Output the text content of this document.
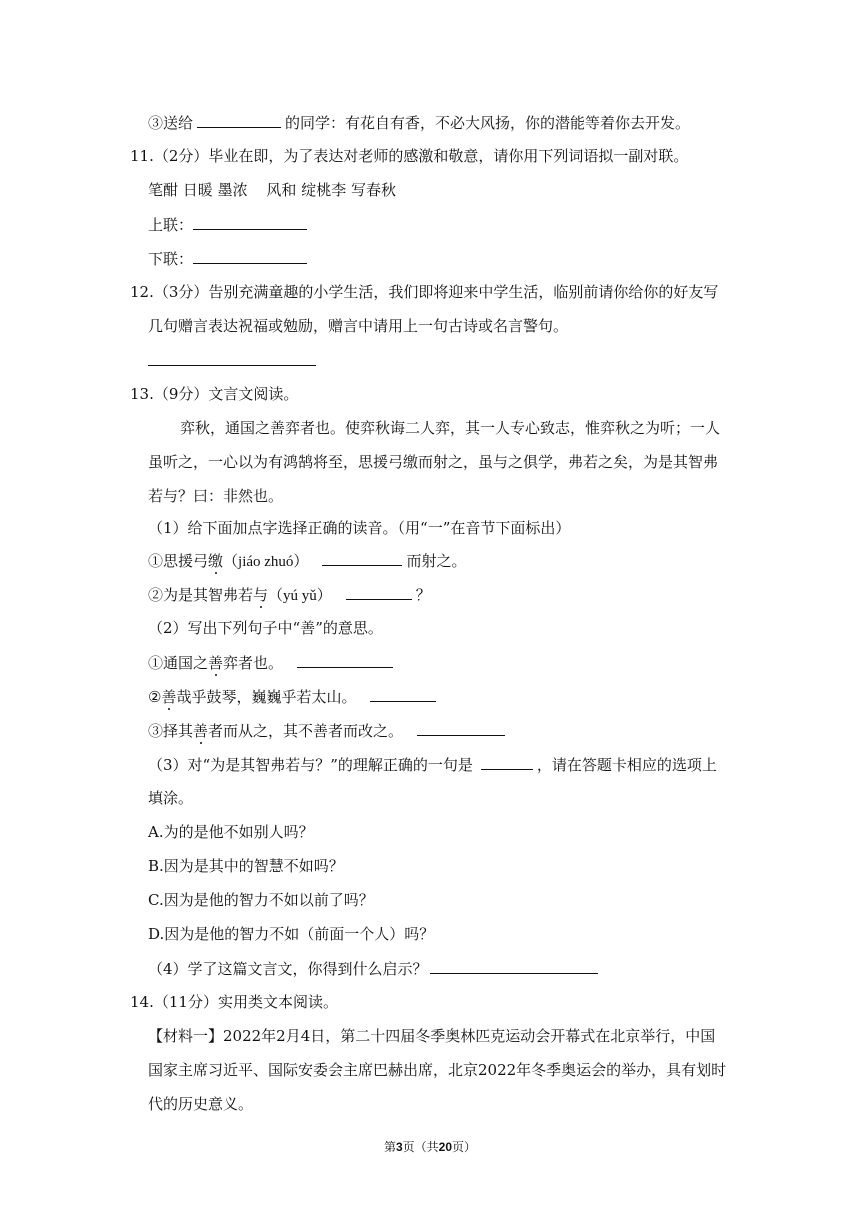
③送给	的同学：有花自有香，不必大风扬，你的潜能等着你去开发。
11.（2分）毕业在即，为了表达对老师的感激和敬意，请你用下列词语拟一副对联。
笔酣 日暖 墨浓 风和 绽桃李 写春秋
上联：
下联：
12.（3分）告别充满童趣的小学生活，我们即将迎来中学生活，临别前请你给你的好友写
几句赠言表达祝福或勉励，赠言中请用上一句古诗或名言警句。
13.（9分）文言文阅读。
弈秋，通国之善弈者也。使弈秋诲二人弈，其一人专心致志，惟弈秋之为听；一人
虽听之，一心以为有鸿鹄将至，思援弓缴而射之，虽与之俱学，弗若之矣，为是其智弗
若与？曰：非然也。
（1）给下面加点字选择正确的读音。（用“一”在音节下面标出）
①思援弓缴（jiáo zhuó）	而射之。
②为是其智弗若与（yú yǔ）	？
（2）写出下列句子中“善”的意思。
①通国之善弈者也。
②善哉乎鼓琴，巍巍乎若太山。
③择其善者而从之，其不善者而改之。
（3）对“为是其智弗若与？”的理解正确的一句是	，请在答题卡相应的选项上
填涂。
A.为的是他不如别人吗？
B.因为是其中的智慧不如吗？
C.因为是他的智力不如以前了吗？
D.因为是他的智力不如（前面一个人）吗？
（4）学了这篇文言文，你得到什么启示？
14.（11分）实用类文本阅读。
【材料一】2022年2月4日，第二十四届冬季奥林匹克运动会开幕式在北京举行，中国
国家主席习近平、国际安委会主席巴赫出席，北京2022年冬季奥运会的举办，具有划时
代的历史意义。
第3页（共20页）
